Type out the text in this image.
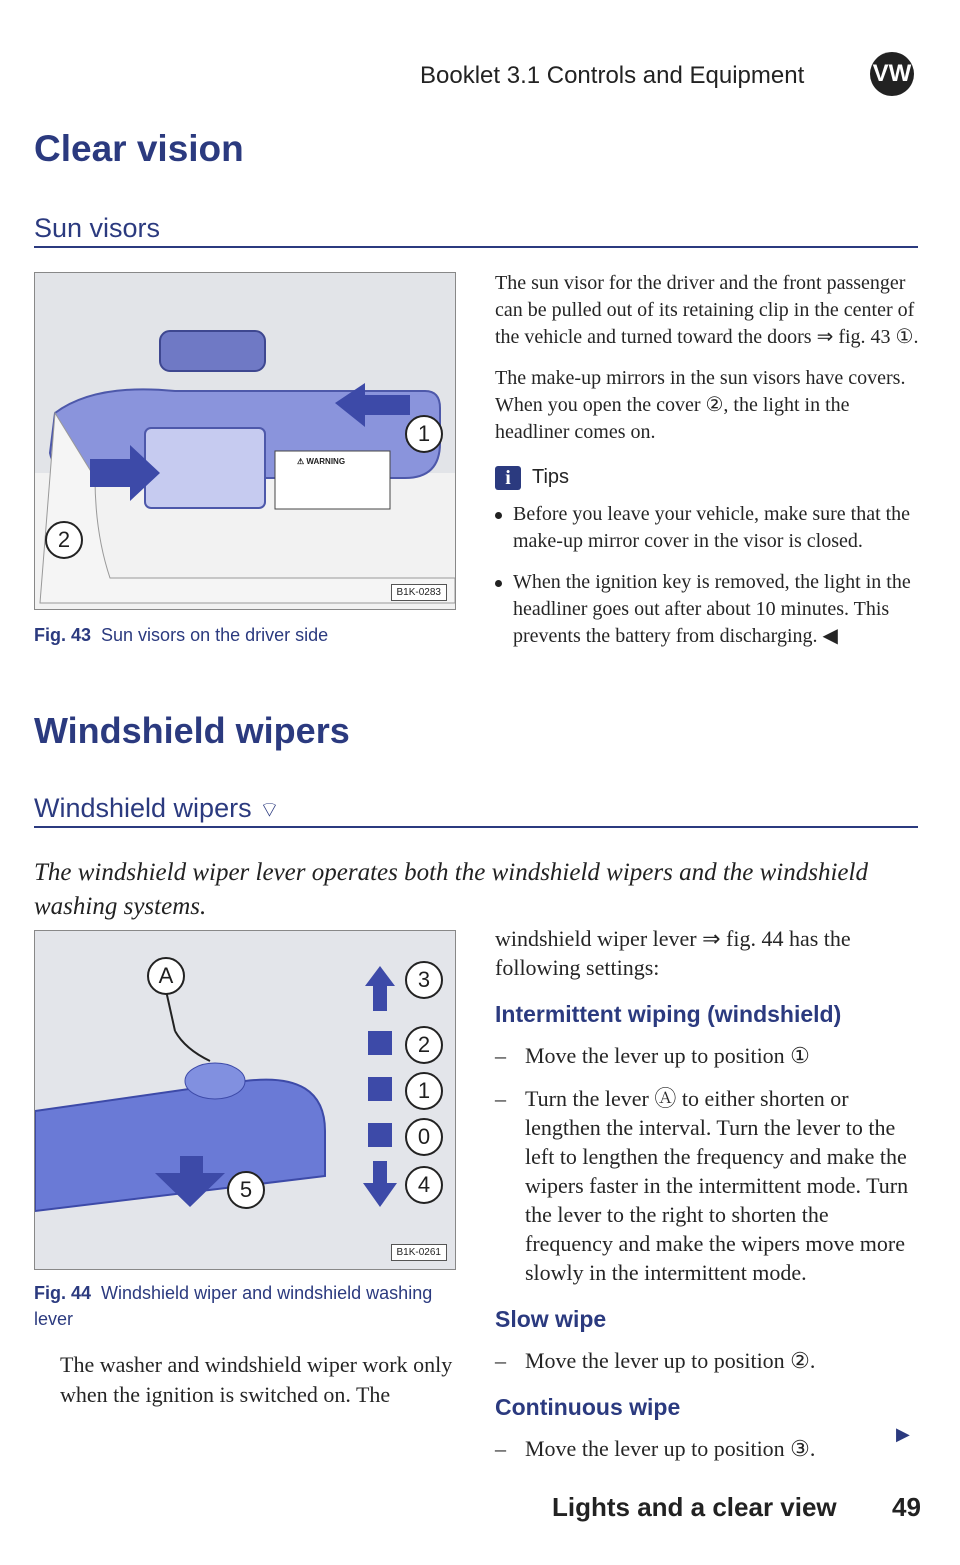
Booklet 3.1 Controls and Equipment	VW
Clear vision
Sun visors
1
2
⚠ WARNING
B1K-0283
Fig. 43 Sun visors on the driver side

The sun visor for the driver and the front passenger can be pulled out of its retaining clip in the center of the vehicle and turned toward the doors ⇒ fig. 43 ①.

The make-up mirrors in the sun visors have covers. When you open the cover ②, the light in the headliner comes on.

i Tips

Before you leave your vehicle, make sure that the make-up mirror cover in the visor is closed.

When the ignition key is removed, the light in the headliner goes out after about 10 minutes. This prevents the battery from discharging. ◀

Windshield wipers
Windshield wipers ⌔
The windshield wiper lever operates both the windshield wipers and the windshield washing systems.
A	3
2
1
0
4
5
B1K-0261
Fig. 44 Windshield wiper and windshield washing lever
The washer and windshield wiper work only when the ignition is switched on. The

windshield wiper lever ⇒ fig. 44 has the following settings:

Intermittent wiping (windshield)

– Move the lever up to position ①

– Turn the lever Ⓐ to either shorten or lengthen the interval. Turn the lever to the left to lengthen the frequency and make the wipers faster in the intermittent mode. Turn the lever to the right to shorten the frequency and make the wipers move more slowly in the intermittent mode.

Slow wipe

– Move the lever up to position ②.

Continuous wipe

– Move the lever up to position ③.

▶
Lights and a clear view 49
